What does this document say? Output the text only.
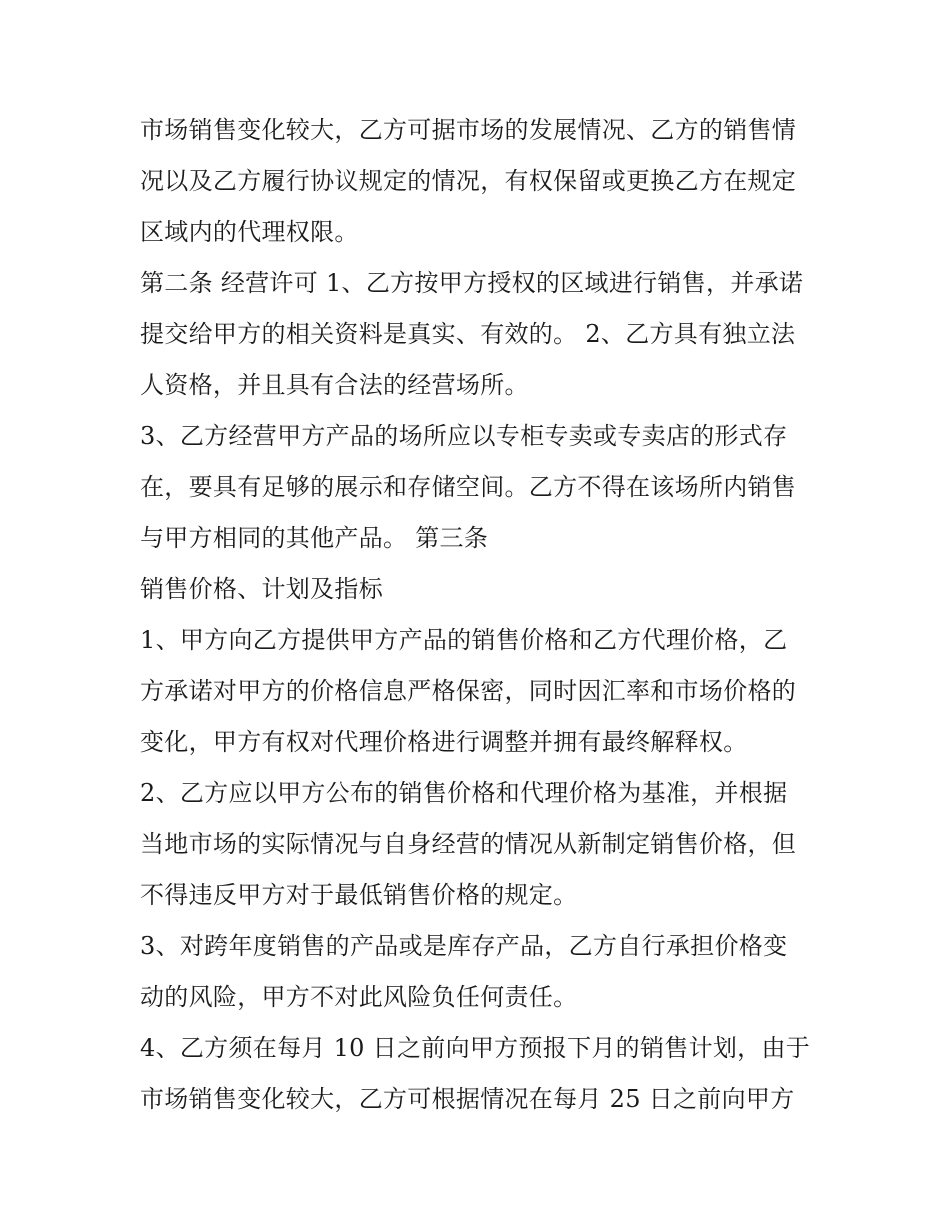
市场销售变化较大，乙方可据市场的发展情况、乙方的销售情
况以及乙方履行协议规定的情况，有权保留或更换乙方在规定
区域内的代理权限。
第二条 经营许可 1、乙方按甲方授权的区域进行销售，并承诺
提交给甲方的相关资料是真实、有效的。 2、乙方具有独立法
人资格，并且具有合法的经营场所。
3、乙方经营甲方产品的场所应以专柜专卖或专卖店的形式存
在，要具有足够的展示和存储空间。乙方不得在该场所内销售
与甲方相同的其他产品。 第三条
销售价格、计划及指标
1、甲方向乙方提供甲方产品的销售价格和乙方代理价格，乙
方承诺对甲方的价格信息严格保密，同时因汇率和市场价格的
变化，甲方有权对代理价格进行调整并拥有最终解释权。
2、乙方应以甲方公布的销售价格和代理价格为基准，并根据
当地市场的实际情况与自身经营的情况从新制定销售价格，但
不得违反甲方对于最低销售价格的规定。
3、对跨年度销售的产品或是库存产品，乙方自行承担价格变
动的风险，甲方不对此风险负任何责任。
4、乙方须在每月 10 日之前向甲方预报下月的销售计划，由于
市场销售变化较大，乙方可根据情况在每月 25 日之前向甲方
